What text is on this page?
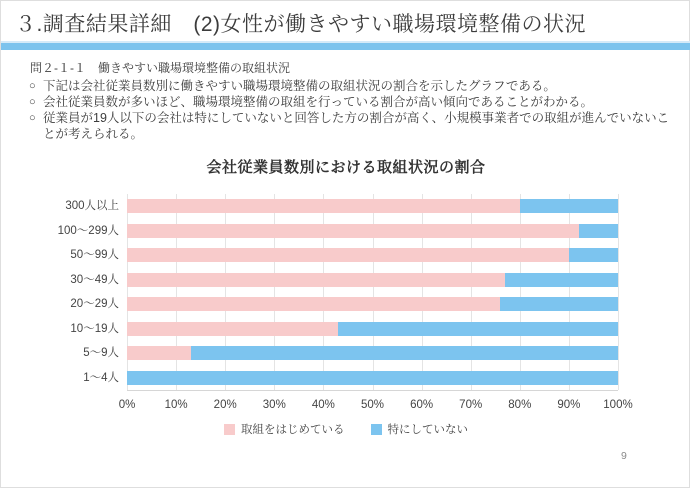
３.調査結果詳細　(2)女性が働きやすい職場環境整備の状況
問２-１-１　働きやすい職場環境整備の取組状況
○ 下記は会社従業員数別に働きやすい職場環境整備の取組状況の割合を示したグラフである。
○ 会社従業員数が多いほど、職場環境整備の取組を行っている割合が高い傾向であることがわかる。
○ 従業員が19人以下の会社は特にしていないと回答した方の割合が高く、小規模事業者での取組が進んでいないことが考えられる。
会社従業員数別における取組状況の割合
取組をはじめている	特にしていない
0%	10%	20%	30%	40%	50%	60%	70%	80%	90%	100%
300人以上
100〜299人
50〜99人
30〜49人
20〜29人
10〜19人
5〜9人
1〜4人
9
